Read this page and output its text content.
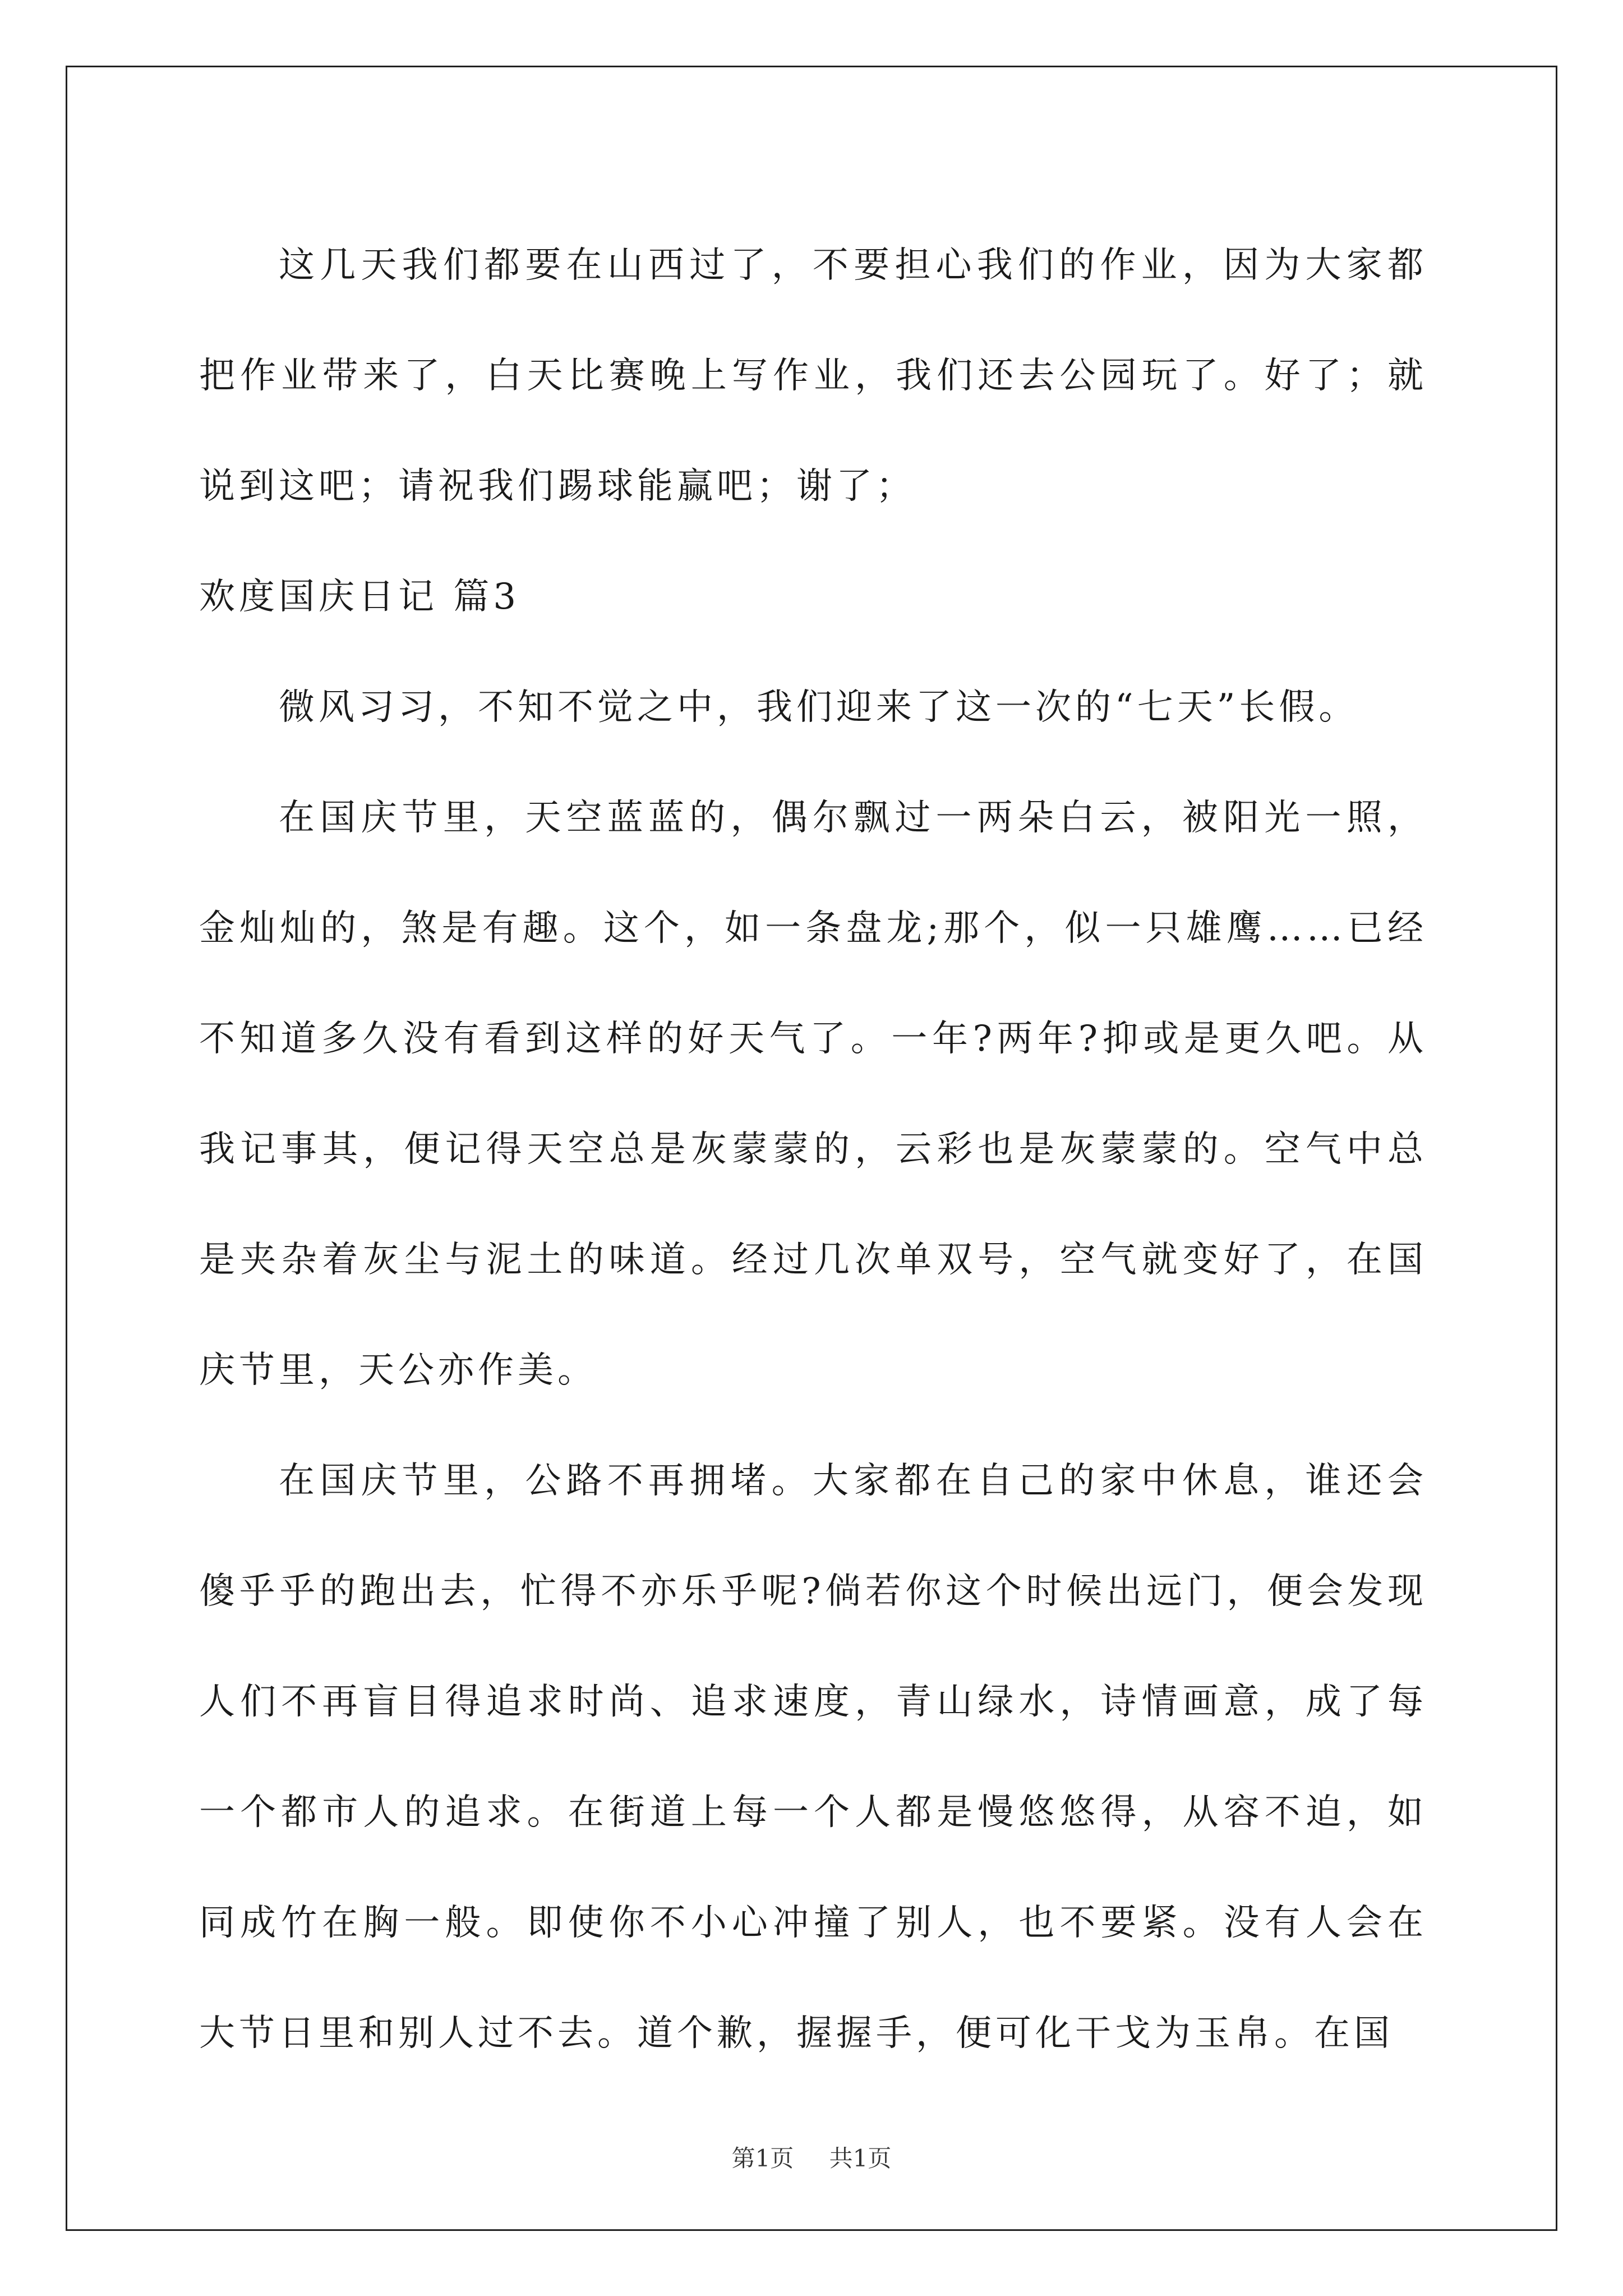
这几天我们都要在山西过了，不要担心我们的作业，因为大家都把作业带来了，白天比赛晚上写作业，我们还去公园玩了。好了；就说到这吧；请祝我们踢球能赢吧；谢了；

欢度国庆日记 篇3

微风习习，不知不觉之中，我们迎来了这一次的“七天”长假。

在国庆节里，天空蓝蓝的，偶尔飘过一两朵白云，被阳光一照，金灿灿的，煞是有趣。这个，如一条盘龙;那个，似一只雄鹰……已经不知道多久没有看到这样的好天气了。一年?两年?抑或是更久吧。从我记事其，便记得天空总是灰蒙蒙的，云彩也是灰蒙蒙的。空气中总是夹杂着灰尘与泥土的味道。经过几次单双号，空气就变好了，在国庆节里，天公亦作美。

在国庆节里，公路不再拥堵。大家都在自己的家中休息，谁还会傻乎乎的跑出去，忙得不亦乐乎呢?倘若你这个时候出远门，便会发现人们不再盲目得追求时尚、追求速度，青山绿水，诗情画意，成了每一个都市人的追求。在街道上每一个人都是慢悠悠得，从容不迫，如同成竹在胸一般。即使你不小心冲撞了别人，也不要紧。没有人会在大节日里和别人过不去。道个歉，握握手，便可化干戈为玉帛。在国

第1页 共1页
